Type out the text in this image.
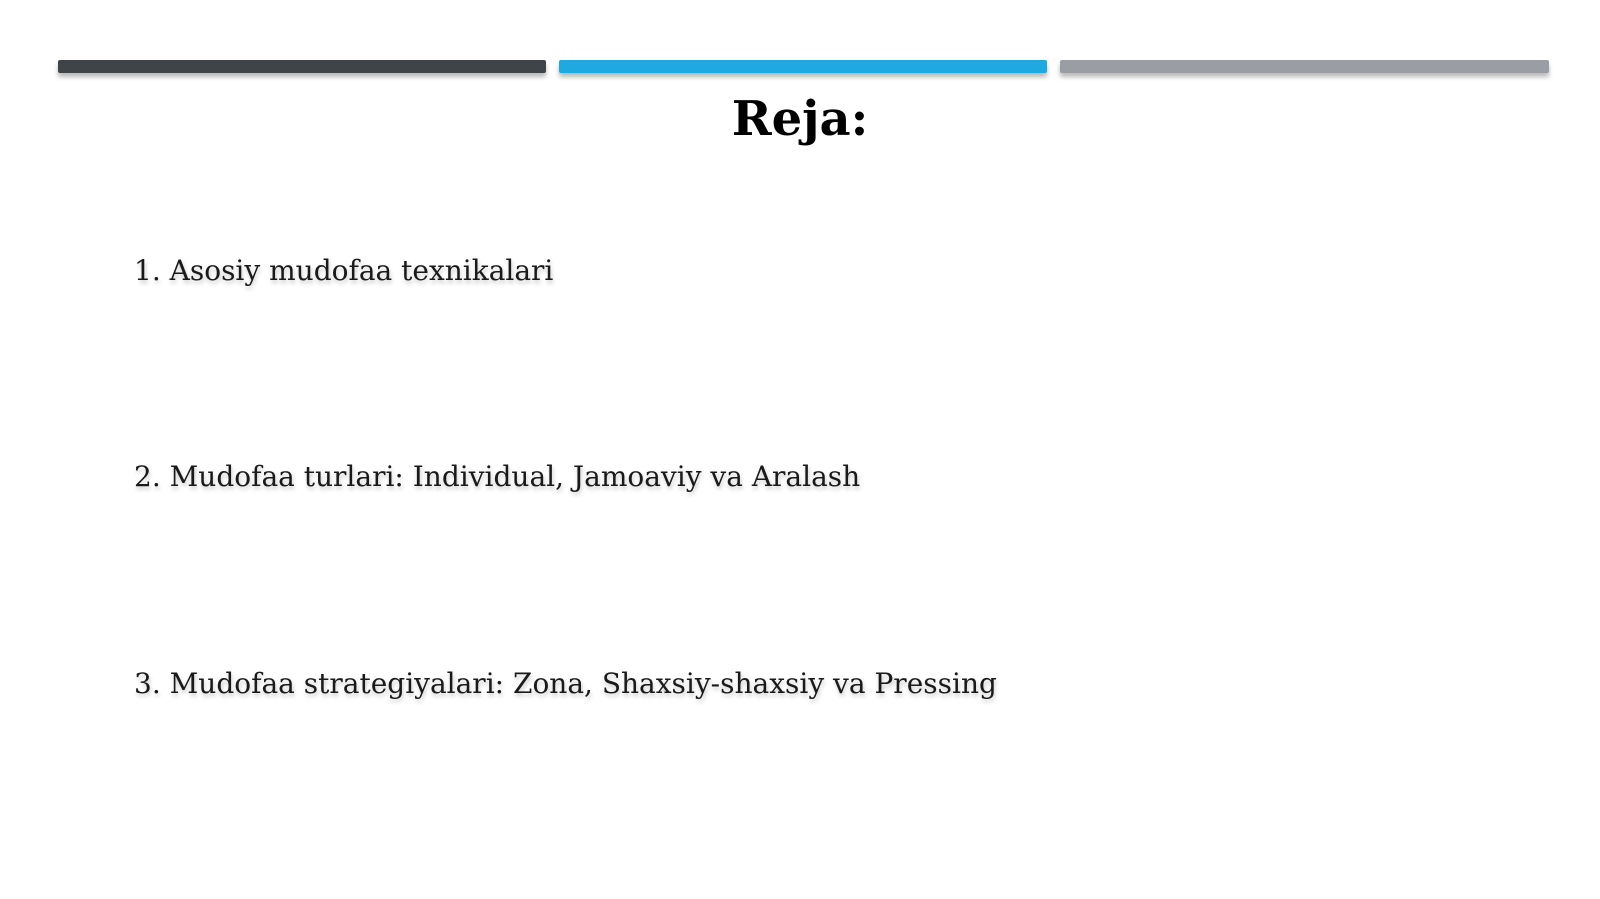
Reja:
1. Asosiy mudofaa texnikalari
2. Mudofaa turlari: Individual, Jamoaviy va Aralash
3. Mudofaa strategiyalari: Zona, Shaxsiy-shaxsiy va Pressing
